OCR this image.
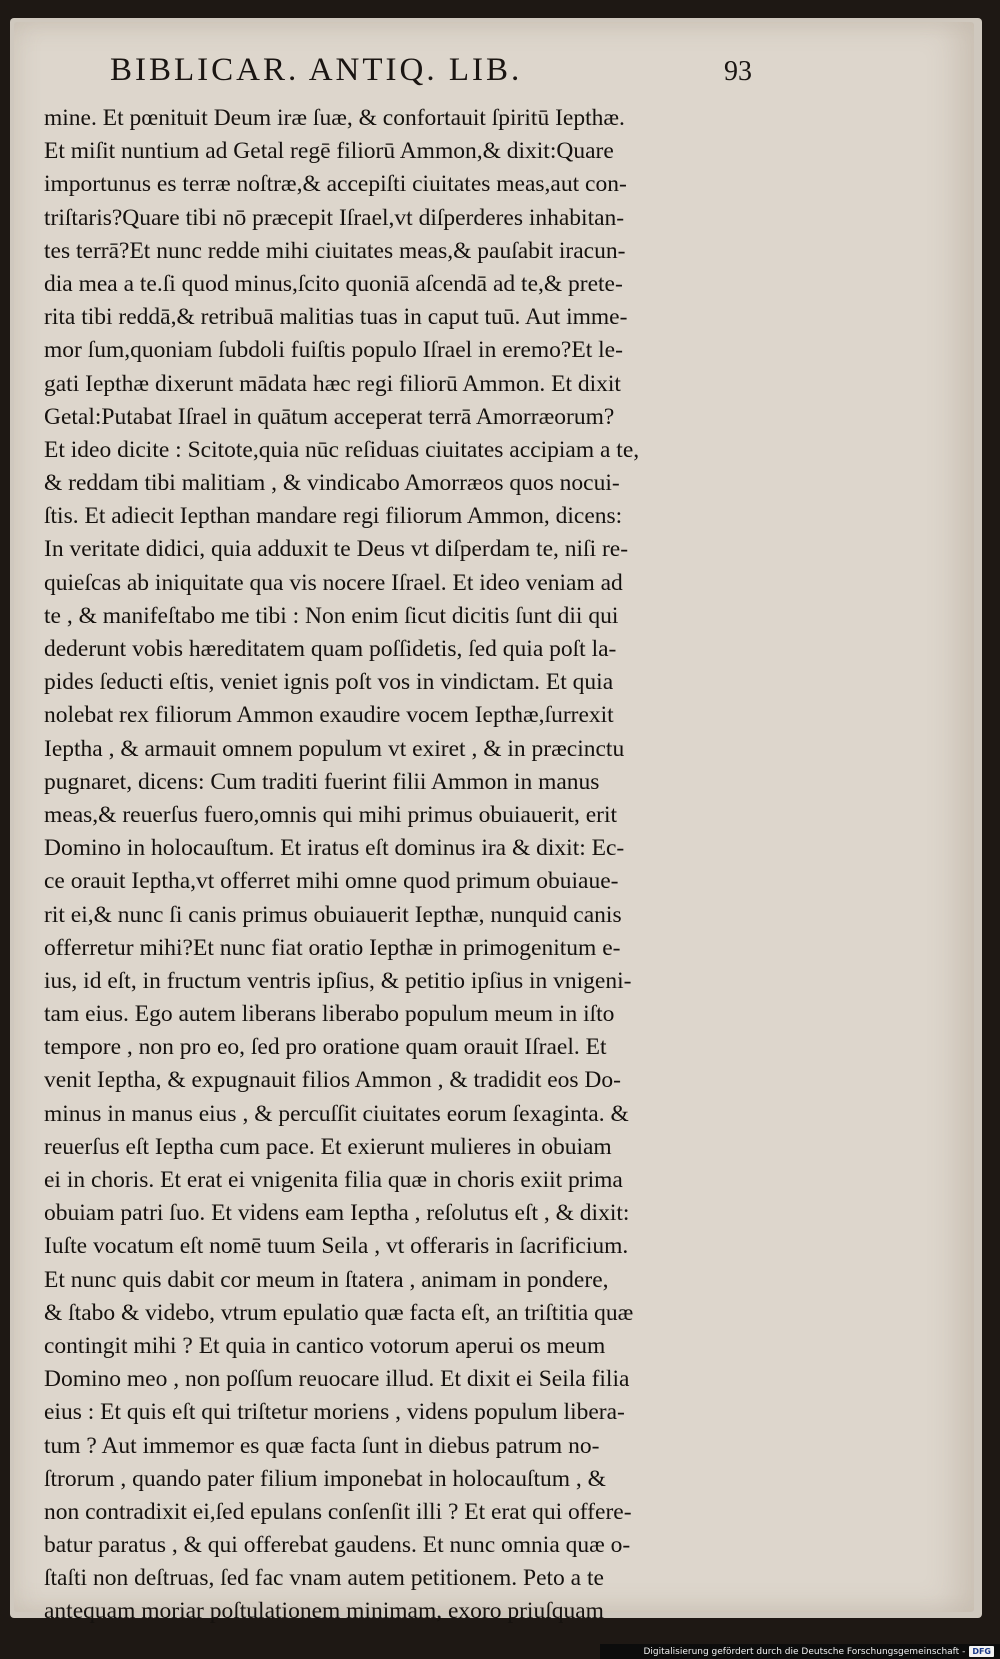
BIBLICAR. ANTIQ. LIB.	93
mine. Et pœnituit Deum iræ ſuæ, & confortauit ſpiritū Iepthæ.
Et miſit nuntium ad Getal regē filiorū Ammon,& dixit:Quare
importunus es terræ noſtræ,& accepiſti ciuitates meas,aut con-
triſtaris?Quare tibi nō præcepit Iſrael,vt diſperderes inhabitan-
tes terrā?Et nunc redde mihi ciuitates meas,& pauſabit iracun-
dia mea a te.ſi quod minus,ſcito quoniā aſcendā ad te,& prete-
rita tibi reddā,& retribuā malitias tuas in caput tuū. Aut imme-
mor ſum,quoniam ſubdoli fuiſtis populo Iſrael in eremo?Et le-
gati Iepthæ dixerunt mādata hæc regi filiorū Ammon. Et dixit
Getal:Putabat Iſrael in quātum acceperat terrā Amorræorum?
Et ideo dicite : Scitote,quia nūc reſiduas ciuitates accipiam a te,
& reddam tibi malitiam , & vindicabo Amorræos quos nocui-
ſtis. Et adiecit Iepthan mandare regi filiorum Ammon, dicens:
In veritate didici, quia adduxit te Deus vt diſperdam te, niſi re-
quieſcas ab iniquitate qua vis nocere Iſrael. Et ideo veniam ad
te , & manifeſtabo me tibi : Non enim ſicut dicitis ſunt dii qui
dederunt vobis hæreditatem quam poſſidetis, ſed quia poſt la-
pides ſeducti eſtis, veniet ignis poſt vos in vindictam. Et quia
nolebat rex filiorum Ammon exaudire vocem Iepthæ,ſurrexit
Ieptha , & armauit omnem populum vt exiret , & in præcinctu
pugnaret, dicens: Cum traditi fuerint filii Ammon in manus
meas,& reuerſus fuero,omnis qui mihi primus obuiauerit, erit
Domino in holocauſtum. Et iratus eſt dominus ira & dixit: Ec-
ce orauit Ieptha,vt offerret mihi omne quod primum obuiaue-
rit ei,& nunc ſi canis primus obuiauerit Iepthæ, nunquid canis
offerretur mihi?Et nunc fiat oratio Iepthæ in primogenitum e-
ius, id eſt, in fructum ventris ipſius, & petitio ipſius in vnigeni-
tam eius. Ego autem liberans liberabo populum meum in iſto
tempore , non pro eo, ſed pro oratione quam orauit Iſrael. Et
venit Ieptha, & expugnauit filios Ammon , & tradidit eos Do-
minus in manus eius , & percuſſit ciuitates eorum ſexaginta. &
reuerſus eſt Ieptha cum pace. Et exierunt mulieres in obuiam
ei in choris. Et erat ei vnigenita filia quæ in choris exiit prima
obuiam patri ſuo. Et videns eam Ieptha , reſolutus eſt , & dixit:
Iuſte vocatum eſt nomē tuum Seila , vt offeraris in ſacrificium.
Et nunc quis dabit cor meum in ſtatera , animam in pondere,
& ſtabo & videbo, vtrum epulatio quæ facta eſt, an triſtitia quæ
contingit mihi ? Et quia in cantico votorum aperui os meum
Domino meo , non poſſum reuocare illud. Et dixit ei Seila filia
eius : Et quis eſt qui triſtetur moriens , videns populum libera-
tum ? Aut immemor es quæ facta ſunt in diebus patrum no-
ſtrorum , quando pater filium imponebat in holocauſtum , &
non contradixit ei,ſed epulans conſenſit illi ? Et erat qui offere-
batur paratus , & qui offerebat gaudens. Et nunc omnia quæ o-
ſtaſti non deſtruas, ſed fac vnam autem petitionem. Peto a te
antequam moriar poſtulationem minimam, exoro priuſquam
Digitalisierung gefördert durch die Deutsche Forschungsgemeinschaft - DFG
